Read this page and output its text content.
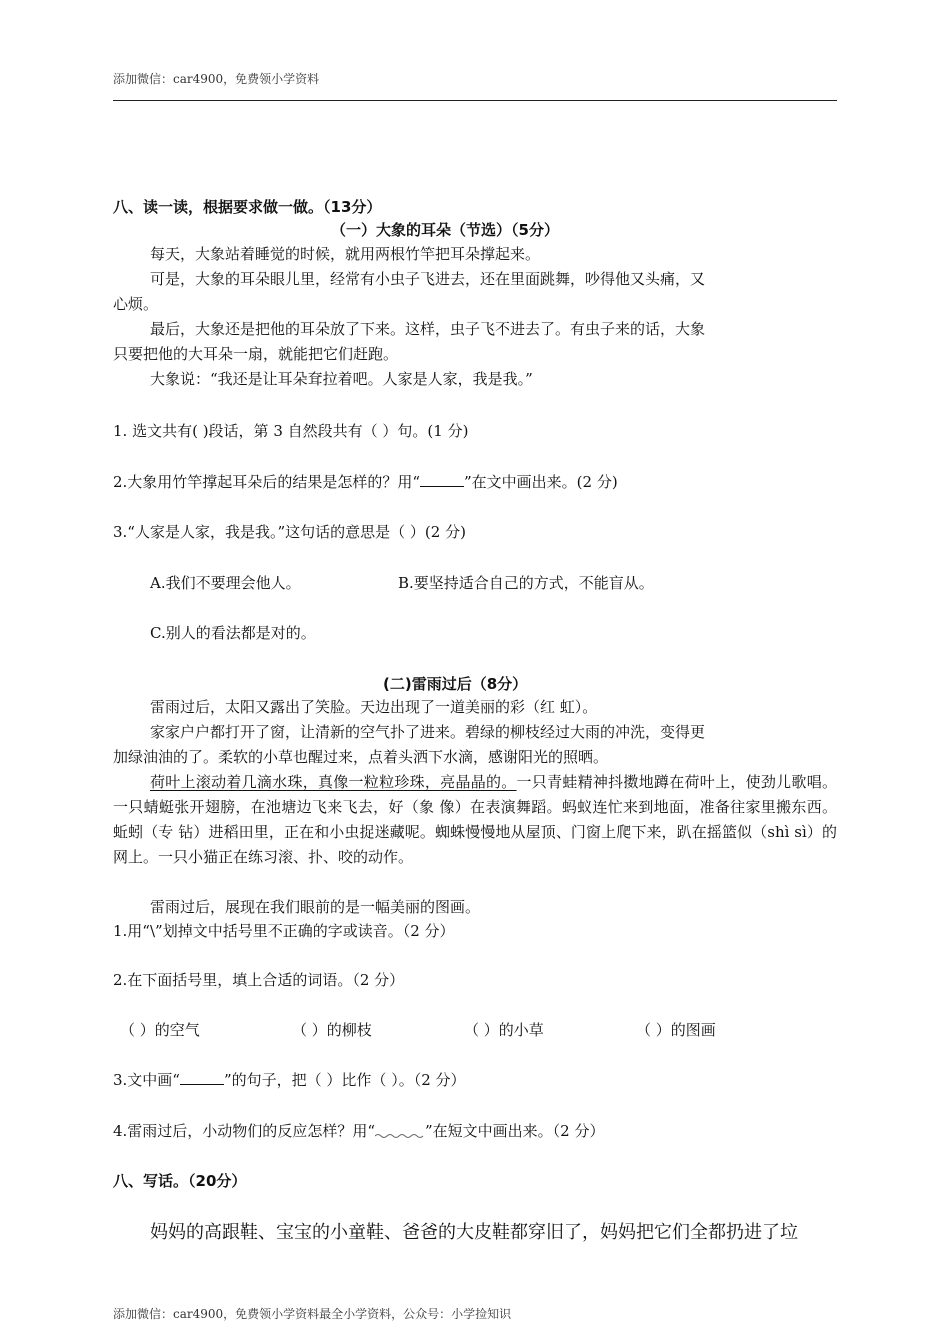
添加微信：car4900，免费领小学资料
八、读一读，根据要求做一做。（13分）
（一）大象的耳朵（节选）（5分）
每天，大象站着睡觉的时候，就用两根竹竿把耳朵撑起来。
可是，大象的耳朵眼儿里，经常有小虫子飞进去，还在里面跳舞，吵得他又头痛，又
心烦。
最后，大象还是把他的耳朵放了下来。这样，虫子飞不进去了。有虫子来的话，大象
只要把他的大耳朵一扇，就能把它们赶跑。
大象说：“我还是让耳朵耷拉着吧。人家是人家，我是我。”
1. 选文共有( )段话，第 3 自然段共有（ ）句。(1 分)
2.大象用竹竿撑起耳朵后的结果是怎样的？用“	”在文中画出来。(2 分)
3.“人家是人家，我是我。”这句话的意思是（ ）(2 分)
A.我们不要理会他人。	B.要坚持适合自己的方式，不能盲从。
C.别人的看法都是对的。
(二)雷雨过后（8分）
雷雨过后，太阳又露出了笑脸。天边出现了一道美丽的彩（红 虹）。
家家户户都打开了窗，让清新的空气扑了进来。碧绿的柳枝经过大雨的冲洗，变得更
加绿油油的了。柔软的小草也醒过来，点着头洒下水滴，感谢阳光的照晒。
荷叶上滚动着几滴水珠，真像一粒粒珍珠，亮晶晶的。一只青蛙精神抖擞地蹲在荷叶上，使劲儿歌唱。一只蜻蜓张开翅膀，在池塘边飞来飞去，好（象 像）在表演舞蹈。蚂蚁连忙来到地面，准备往家里搬东西。蚯蚓（专 钻）进稻田里，正在和小虫捉迷藏呢。蜘蛛慢慢地从屋顶、门窗上爬下来，趴在摇篮似（shì sì）的网上。一只小猫正在练习滚、扑、咬的动作。
雷雨过后，展现在我们眼前的是一幅美丽的图画。
1.用“\”划掉文中括号里不正确的字或读音。（2 分）
2.在下面括号里，填上合适的词语。（2 分）
（ ）的空气	（ ）的柳枝	（ ）的小草	（ ）的图画
3.文中画“	”的句子，把（ ）比作（ ）。（2 分）
4.雷雨过后，小动物们的反应怎样？用“	”在短文中画出来。（2 分）
八、写话。（20分）
妈妈的高跟鞋、宝宝的小童鞋、爸爸的大皮鞋都穿旧了，妈妈把它们全都扔进了垃
添加微信：car4900，免费领小学资料最全小学资料，公众号：小学捡知识
